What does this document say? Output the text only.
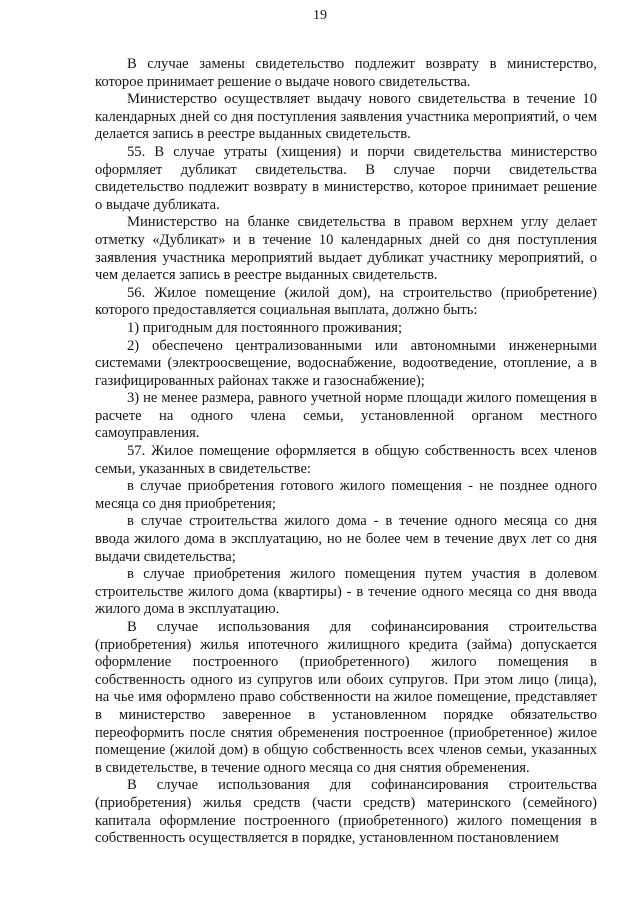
19

В случае замены свидетельство подлежит возврату в министерство, которое принимает решение о выдаче нового свидетельства.

Министерство осуществляет выдачу нового свидетельства в течение 10 календарных дней со дня поступления заявления участника мероприятий, о чем делается запись в реестре выданных свидетельств.

55. В случае утраты (хищения) и порчи свидетельства министерство оформляет дубликат свидетельства. В случае порчи свидетельства свидетельство подлежит возврату в министерство, которое принимает решение о выдаче дубликата.

Министерство на бланке свидетельства в правом верхнем углу делает отметку «Дубликат» и в течение 10 календарных дней со дня поступления заявления участника мероприятий выдает дубликат участнику мероприятий, о чем делается запись в реестре выданных свидетельств.

56. Жилое помещение (жилой дом), на строительство (приобретение) которого предоставляется социальная выплата, должно быть:

1) пригодным для постоянного проживания;

2) обеспечено централизованными или автономными инженерными системами (электроосвещение, водоснабжение, водоотведение, отопление, а в газифицированных районах также и газоснабжение);

3) не менее размера, равного учетной норме площади жилого помещения в расчете на одного члена семьи, установленной органом местного самоуправления.

57. Жилое помещение оформляется в общую собственность всех членов семьи, указанных в свидетельстве:

в случае приобретения готового жилого помещения - не позднее одного месяца со дня приобретения;

в случае строительства жилого дома - в течение одного месяца со дня ввода жилого дома в эксплуатацию, но не более чем в течение двух лет со дня выдачи свидетельства;

в случае приобретения жилого помещения путем участия в долевом строительстве жилого дома (квартиры) - в течение одного месяца со дня ввода жилого дома в эксплуатацию.

В случае использования для софинансирования строительства (приобретения) жилья ипотечного жилищного кредита (займа) допускается оформление построенного (приобретенного) жилого помещения в собственность одного из супругов или обоих супругов. При этом лицо (лица), на чье имя оформлено право собственности на жилое помещение, представляет в министерство заверенное в установленном порядке обязательство переоформить после снятия обременения построенное (приобретенное) жилое помещение (жилой дом) в общую собственность всех членов семьи, указанных в свидетельстве, в течение одного месяца со дня снятия обременения.

В случае использования для софинансирования строительства (приобретения) жилья средств (части средств) материнского (семейного) капитала оформление построенного (приобретенного) жилого помещения в собственность осуществляется в порядке, установленном постановлением
